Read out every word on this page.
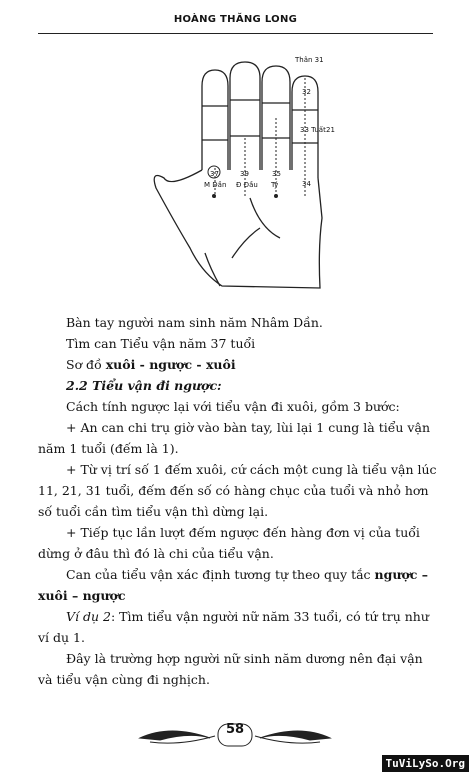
HOÀNG THĂNG LONG
Thân 31
33 Tuất
37	39	35
32
21
34
M Dần Đ Đầu Tý

Bàn tay người nam sinh năm Nhâm Dần.

Tìm can Tiểu vận năm 37 tuổi

Sơ đồ xuôi - ngược - xuôi

2.2 Tiểu vận đi ngược:

Cách tính ngược lại với tiểu vận đi xuôi, gồm 3 bước:

+ An can chi trụ giờ vào bàn tay, lùi lại 1 cung là tiểu vận năm 1 tuổi (đếm là 1).

+ Từ vị trí số 1 đếm xuôi, cứ cách một cung là tiểu vận lúc 11, 21, 31 tuổi, đếm đến số có hàng chục của tuổi và nhỏ hơn số tuổi cần tìm tiểu vận thì dừng lại.

+ Tiếp tục lần lượt đếm ngược đến hàng đơn vị của tuổi dừng ở đâu thì đó là chi của tiểu vận.

Can của tiểu vận xác định tương tự theo quy tắc ngược – xuôi – ngược

Ví dụ 2: Tìm tiểu vận người nữ năm 33 tuổi, có tứ trụ như ví dụ 1.

Đây là trường hợp người nữ sinh năm dương nên đại vận và tiểu vận cùng đi nghịch.

58
TuViLySo.Org
